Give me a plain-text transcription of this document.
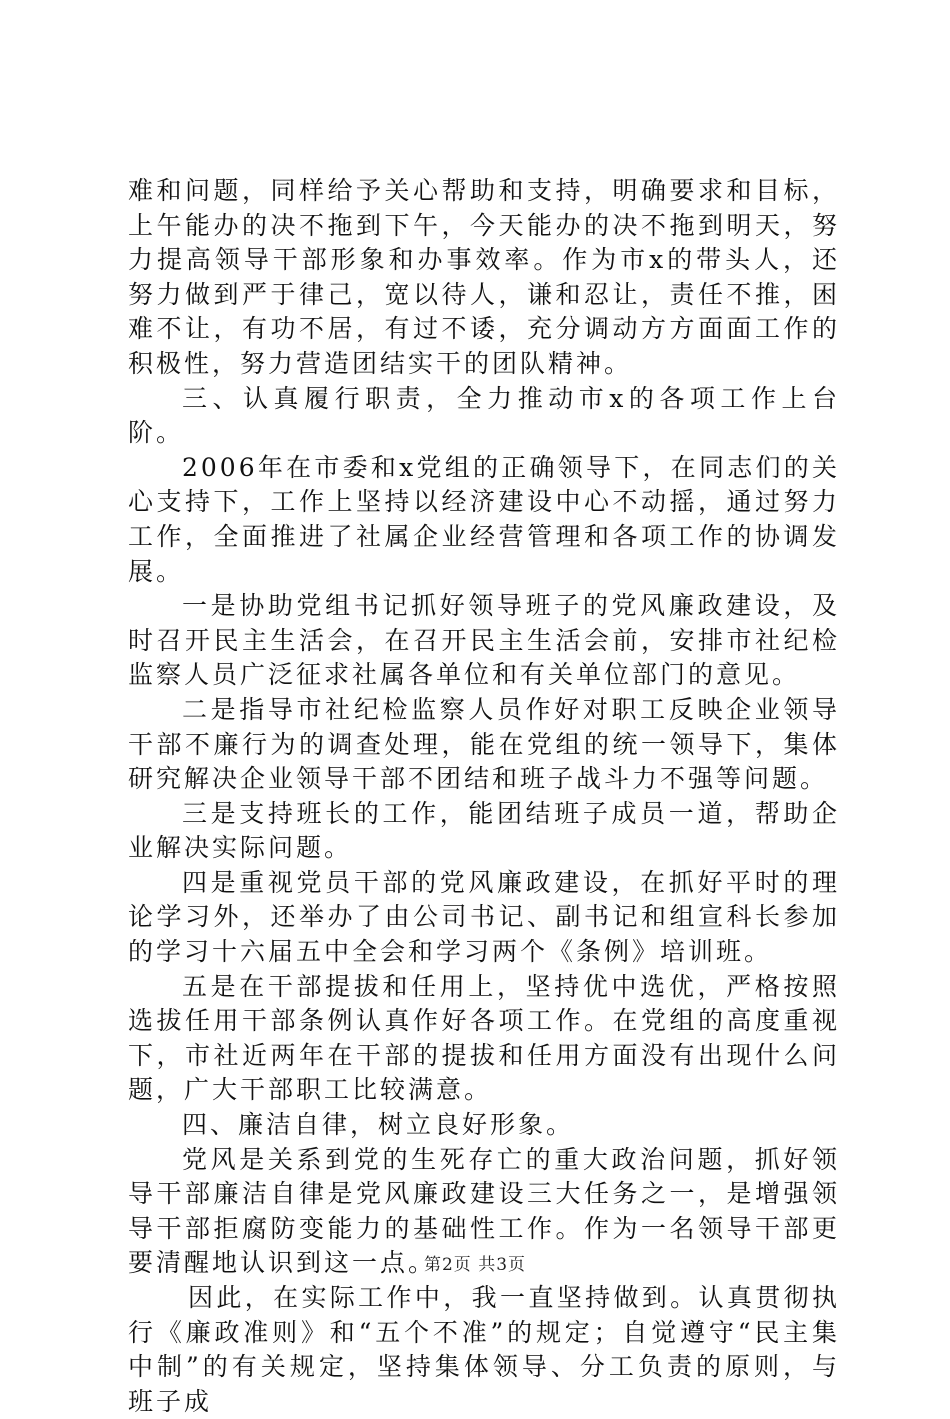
难和问题，同样给予关心帮助和支持，明确要求和目标，上午能办的决不拖到下午，今天能办的决不拖到明天，努力提高领导干部形象和办事效率。作为市x的带头人，还努力做到严于律己，宽以待人，谦和忍让，责任不推，困难不让，有功不居，有过不诿，充分调动方方面面工作的积极性，努力营造团结实干的团队精神。

三、认真履行职责，全力推动市x的各项工作上台阶。

2006年在市委和x党组的正确领导下，在同志们的关心支持下，工作上坚持以经济建设中心不动摇，通过努力工作，全面推进了社属企业经营管理和各项工作的协调发展。

一是协助党组书记抓好领导班子的党风廉政建设，及时召开民主生活会，在召开民主生活会前，安排市社纪检监察人员广泛征求社属各单位和有关单位部门的意见。

二是指导市社纪检监察人员作好对职工反映企业领导干部不廉行为的调查处理，能在党组的统一领导下，集体研究解决企业领导干部不团结和班子战斗力不强等问题。

三是支持班长的工作，能团结班子成员一道，帮助企业解决实际问题。

四是重视党员干部的党风廉政建设，在抓好平时的理论学习外，还举办了由公司书记、副书记和组宣科长参加的学习十六届五中全会和学习两个《条例》培训班。

五是在干部提拔和任用上，坚持优中选优，严格按照选拔任用干部条例认真作好各项工作。在党组的高度重视下，市社近两年在干部的提拔和任用方面没有出现什么问题，广大干部职工比较满意。

四、廉洁自律，树立良好形象。

党风是关系到党的生死存亡的重大政治问题，抓好领导干部廉洁自律是党风廉政建设三大任务之一，是增强领导干部拒腐防变能力的基础性工作。作为一名领导干部更要清醒地认识到这一点。

因此，在实际工作中，我一直坚持做到。认真贯彻执行《廉政准则》和“五个不准”的规定；自觉遵守“民主集中制”的有关规定，坚持集体领导、分工负责的原则，与班子成

第2页 共3页
